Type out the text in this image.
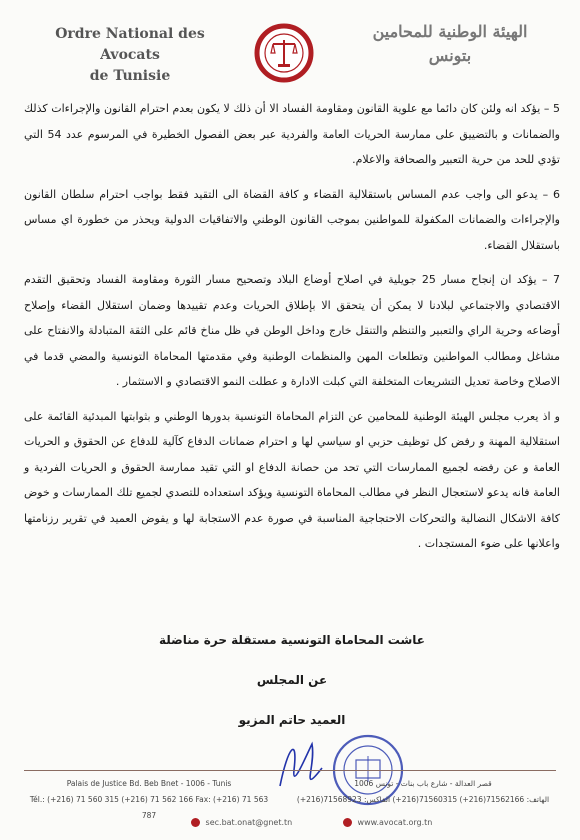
Ordre National des Avocats
de Tunisie
الهيئة الوطنية للمحامين
بتونس

5 – يؤكد انه ولئن كان دائما مع علوية القانون ومقاومة الفساد الا أن ذلك لا يكون بعدم احترام القانون والإجراءات كذلك والضمانات و بالتضييق على ممارسة الحريات العامة والفردية عبر بعض الفصول الخطيرة في المرسوم عدد 54 التي تؤدي للحد من حرية التعبير والصحافة والاعلام.

6 – يدعو الى واجب عدم المساس باستقلالية القضاء و كافة القضاة الى التقيد فقط بواجب احترام سلطان القانون والإجراءات والضمانات المكفولة للمواطنين بموجب القانون الوطني والاتفاقيات الدولية ويحذر من خطورة اي مساس باستقلال القضاء.

7 – يؤكد ان إنجاح مسار 25 جويلية في اصلاح أوضاع البلاد وتصحيح مسار الثورة ومقاومة الفساد وتحقيق التقدم الاقتصادي والاجتماعي لبلادنا لا يمكن أن يتحقق الا بإطلاق الحريات وعدم تقييدها وضمان استقلال القضاء وإصلاح أوضاعه وحرية الراي والتعبير والتنظم والتنقل خارج وداخل الوطن في ظل مناخ قائم على الثقة المتبادلة والانفتاح على مشاغل ومطالب المواطنين وتطلعات المهن والمنظمات الوطنية وفي مقدمتها المحاماة التونسية والمضي قدما في الاصلاح وخاصة تعديل التشريعات المتخلفة التي كبلت الادارة و عطلت النمو الاقتصادي و الاستثمار .

و اذ يعرب مجلس الهيئة الوطنية للمحامين عن التزام المحاماة التونسية بدورها الوطني و بثوابتها المبدئية القائمة على استقلالية المهنة و رفض كل توظيف حزبي او سياسي لها و احترام ضمانات الدفاع كآلية للدفاع عن الحقوق و الحريات العامة و عن رفضه لجميع الممارسات التي تحد من حصانة الدفاع او التي تقيد ممارسة الحقوق و الحريات الفردية و العامة فانه يدعو لاستعجال النظر في مطالب المحاماة التونسية ويؤكد استعداده للتصدي لجميع تلك الممارسات و خوض كافة الاشكال النضالية والتحركات الاحتجاجية المناسبة في صورة عدم الاستجابة لها و يفوض العميد في تقرير رزنامتها واعلانها على ضوء المستجدات .

عاشت المحاماة التونسية مستقلة حرة مناضلة
عن المجلس
العميد حاتم المزيو
Palais de Justice Bd. Beb Bnet - 1006 - Tunis
Tél.: (+216) 71 560 315 (+216) 71 562 166 Fax: (+216) 71 563 787
قصر العدالة - شارع باب بنات - تونس 1006
الهاتف: 71562166(216+) 71560315(216+) الفاكس: 71568923(216+)
sec.bat.onat@gnet.tn	www.avocat.org.tn
